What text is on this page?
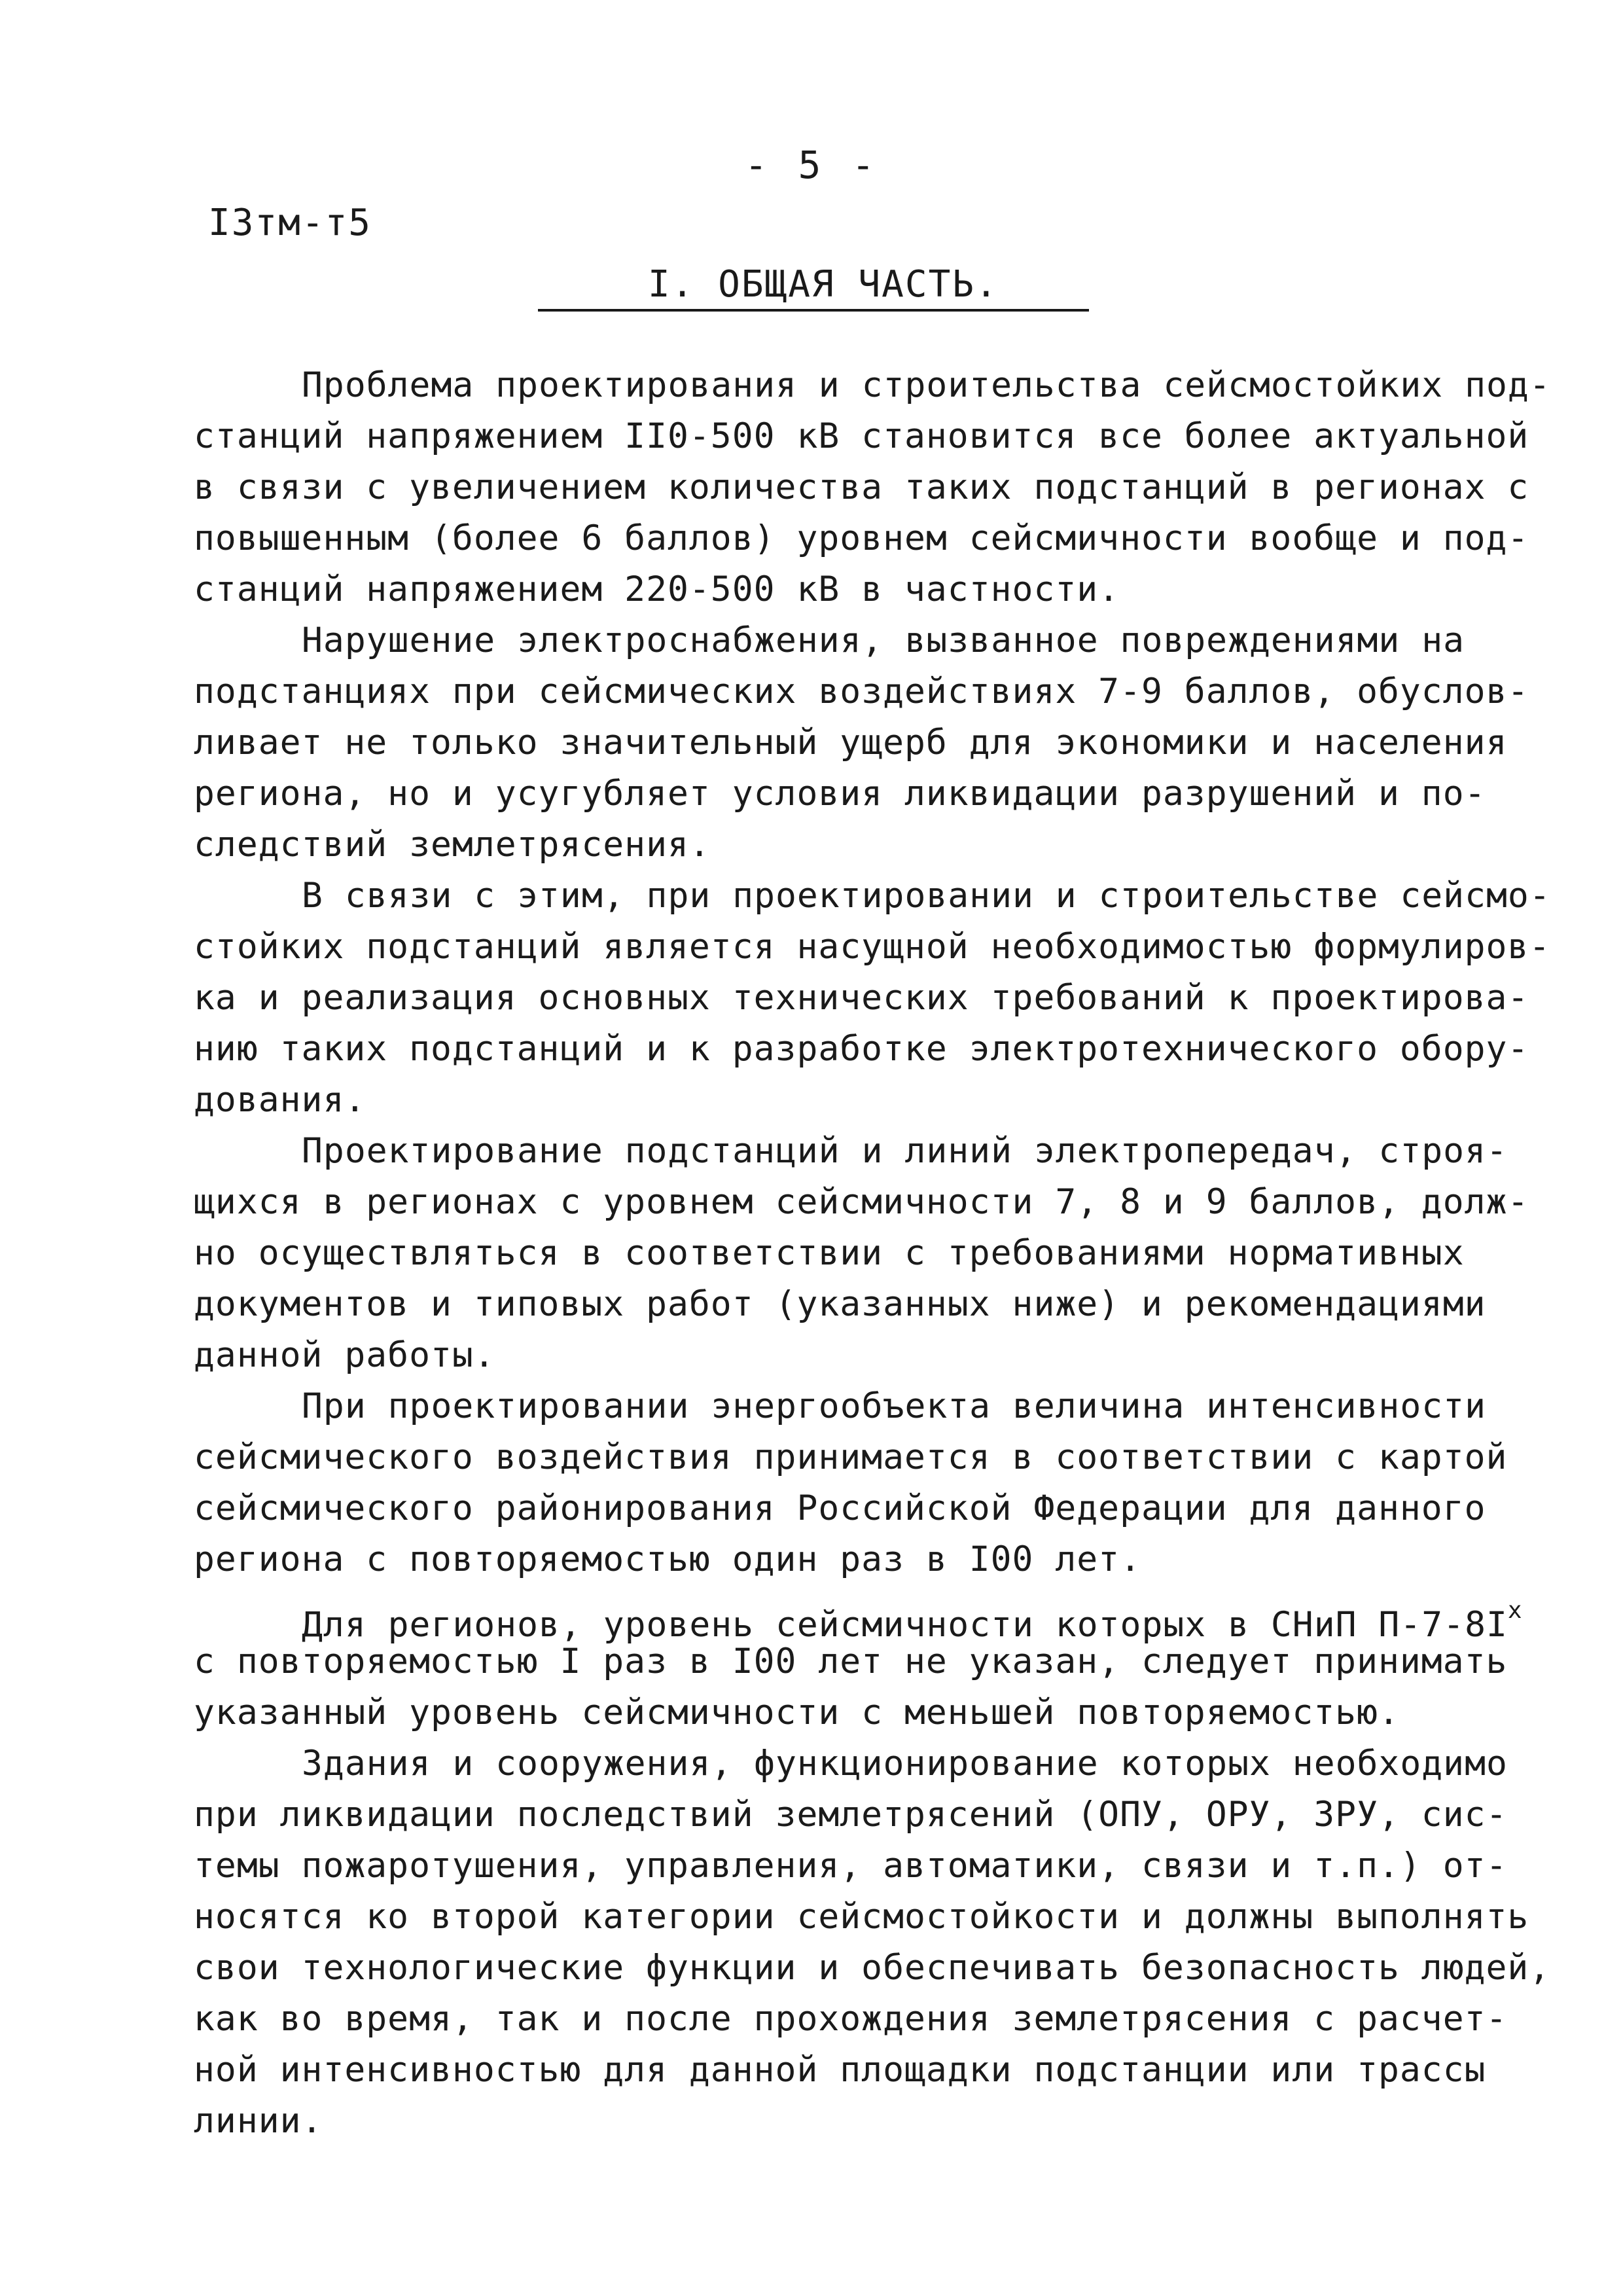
- 5 -
I3тм-т5
I. ОБЩАЯ ЧАСТЬ.
Проблема проектирования и строительства сейсмостойких под-
станций напряжением II0-500 кВ становится все более актуальной
в связи с увеличением количества таких подстанций в регионах с
повышенным (более 6 баллов) уровнем сейсмичности вообще и под-
станций напряжением 220-500 кВ в частности.
Нарушение электроснабжения, вызванное повреждениями на
подстанциях при сейсмических воздействиях 7-9 баллов, обуслов-
ливает не только значительный ущерб для экономики и населения
региона, но и усугубляет условия ликвидации разрушений и по-
следствий землетрясения.
В связи с этим, при проектировании и строительстве сейсмо-
стойких подстанций является насущной необходимостью формулиров-
ка и реализация основных технических требований к проектирова-
нию таких подстанций и к разработке электротехнического обору-
дования.
Проектирование подстанций и линий электропередач, строя-
щихся в регионах с уровнем сейсмичности 7, 8 и 9 баллов, долж-
но осуществляться в соответствии с требованиями нормативных
документов и типовых работ (указанных ниже) и рекомендациями
данной работы.
При проектировании энергообъекта величина интенсивности
сейсмического воздействия принимается в соответствии с картой
сейсмического районирования Российской Федерации для данного
региона с повторяемостью один раз в I00 лет.
Для регионов, уровень сейсмичности которых в СНиП $П-7-8I^x$
с повторяемостью I раз в I00 лет не указан, следует принимать
указанный уровень сейсмичности с меньшей повторяемостью.
Здания и сооружения, функционирование которых необходимо
при ликвидации последствий землетрясений (ОПУ, ОРУ, ЗРУ, сис-
темы пожаротушения, управления, автоматики, связи и т.п.) от-
носятся ко второй категории сейсмостойкости и должны выполнять
свои технологические функции и обеспечивать безопасность людей,
как во время, так и после прохождения землетрясения с расчет-
ной интенсивностью для данной площадки подстанции или трассы
линии.
